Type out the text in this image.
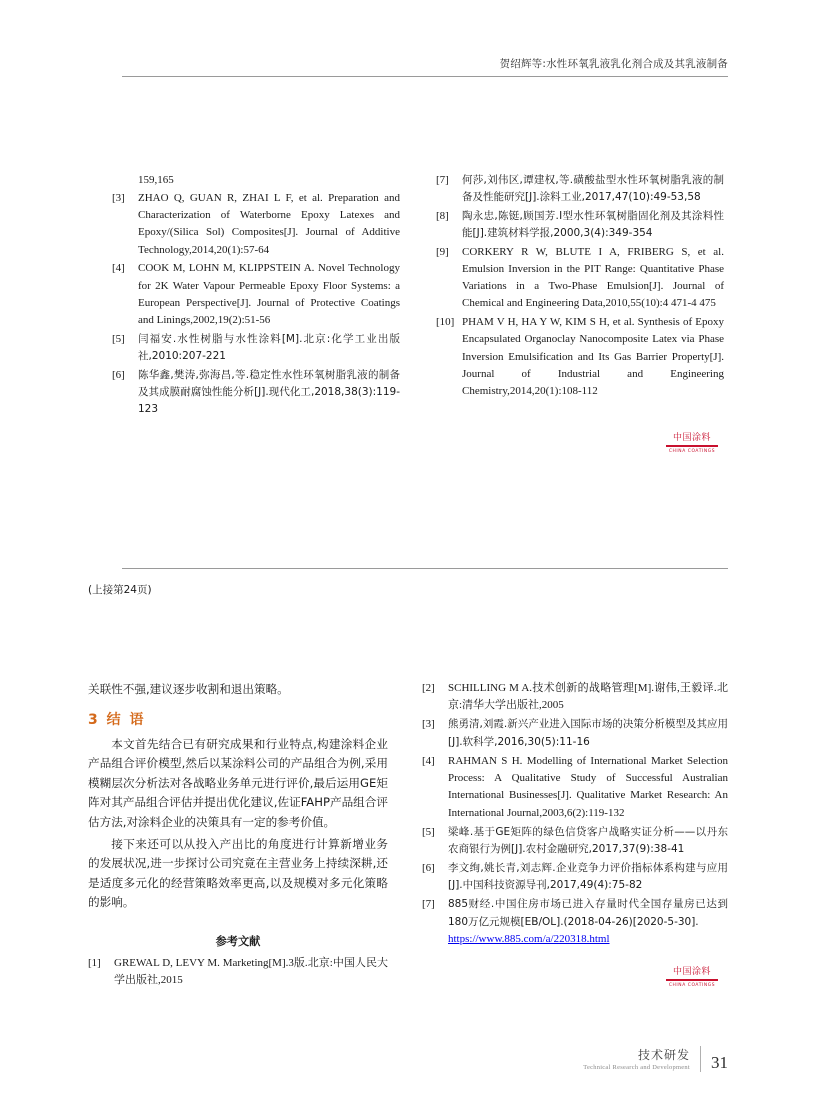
贺绍辉等:水性环氧乳液乳化剂合成及其乳液制备
159,165
[3]	ZHAO Q, GUAN R, ZHAI L F, et al. Preparation and Characterization of Waterborne Epoxy Latexes and Epoxy/(Silica Sol) Composites[J]. Journal of Additive Technology,2014,20(1):57-64
[4]	COOK M, LOHN M, KLIPPSTEIN A. Novel Technology for 2K Water Vapour Permeable Epoxy Floor Systems: a European Perspective[J]. Journal of Protective Coatings and Linings,2002,19(2):51-56
[5]	闫福安.水性树脂与水性涂料[M].北京:化学工业出版社,2010:207-221
[6]	陈华鑫,樊涛,弥海昌,等.稳定性水性环氧树脂乳液的制备及其成膜耐腐蚀性能分析[J].现代化工,2018,38(3):119-123
[7]	何莎,刘伟区,谭建权,等.磺酸盐型水性环氧树脂乳液的制备及性能研究[J].涂料工业,2017,47(10):49-53,58
[8]	陶永忠,陈铤,顾国芳.Ⅰ型水性环氧树脂固化剂及其涂料性能[J].建筑材料学报,2000,3(4):349-354
[9]	CORKERY R W, BLUTE I A, FRIBERG S, et al. Emulsion Inversion in the PIT Range: Quantitative Phase Variations in a Two-Phase Emulsion[J]. Journal of Chemical and Engineering Data,2010,55(10):4 471-4 475
[10] PHAM V H, HA Y W, KIM S H, et al. Synthesis of Epoxy Encapsulated Organoclay Nanocomposite Latex via Phase Inversion Emulsification and Its Gas Barrier Property[J]. Journal of Industrial and Engineering Chemistry,2014,20(1):108-112
中国涂料
CHINA COATINGS
(上接第24页)

关联性不强,建议逐步收割和退出策略。

3 结 语

本文首先结合已有研究成果和行业特点,构建涂料企业产品组合评价模型,然后以某涂料公司的产品组合为例,采用模糊层次分析法对各战略业务单元进行评价,最后运用GE矩阵对其产品组合评估并提出优化建议,佐证FAHP产品组合评估方法,对涂料企业的决策具有一定的参考价值。

接下来还可以从投入产出比的角度进行计算新增业务的发展状况,进一步探讨公司究竟在主营业务上持续深耕,还是适度多元化的经营策略效率更高,以及规模对多元化策略的影响。

参考文献
[1]	GREWAL D, LEVY M. Marketing[M].3版.北京:中国人民大学出版社,2015
[2]	SCHILLING M A.技术创新的战略管理[M].谢伟,王毅译.北京:清华大学出版社,2005
[3]	熊勇清,刘霞.新兴产业进入国际市场的决策分析模型及其应用[J].软科学,2016,30(5):11-16
[4]	RAHMAN S H. Modelling of International Market Selection Process: A Qualitative Study of Successful Australian International Businesses[J]. Qualitative Market Research: An International Journal,2003,6(2):119-132
[5]	梁峰.基于GE矩阵的绿色信贷客户战略实证分析——以丹东农商银行为例[J].农村金融研究,2017,37(9):38-41
[6]	李文绚,姚长青,刘志辉.企业竞争力评价指标体系构建与应用[J].中国科技资源导刊,2017,49(4):75-82
[7]	885财经.中国住房市场已进入存量时代全国存量房已达到180万亿元规模[EB/OL].(2018-04-26)[2020-5-30].
https://www.885.com/a/220318.html
中国涂料
CHINA COATINGS
技术研发
Technical Research and Development 31
